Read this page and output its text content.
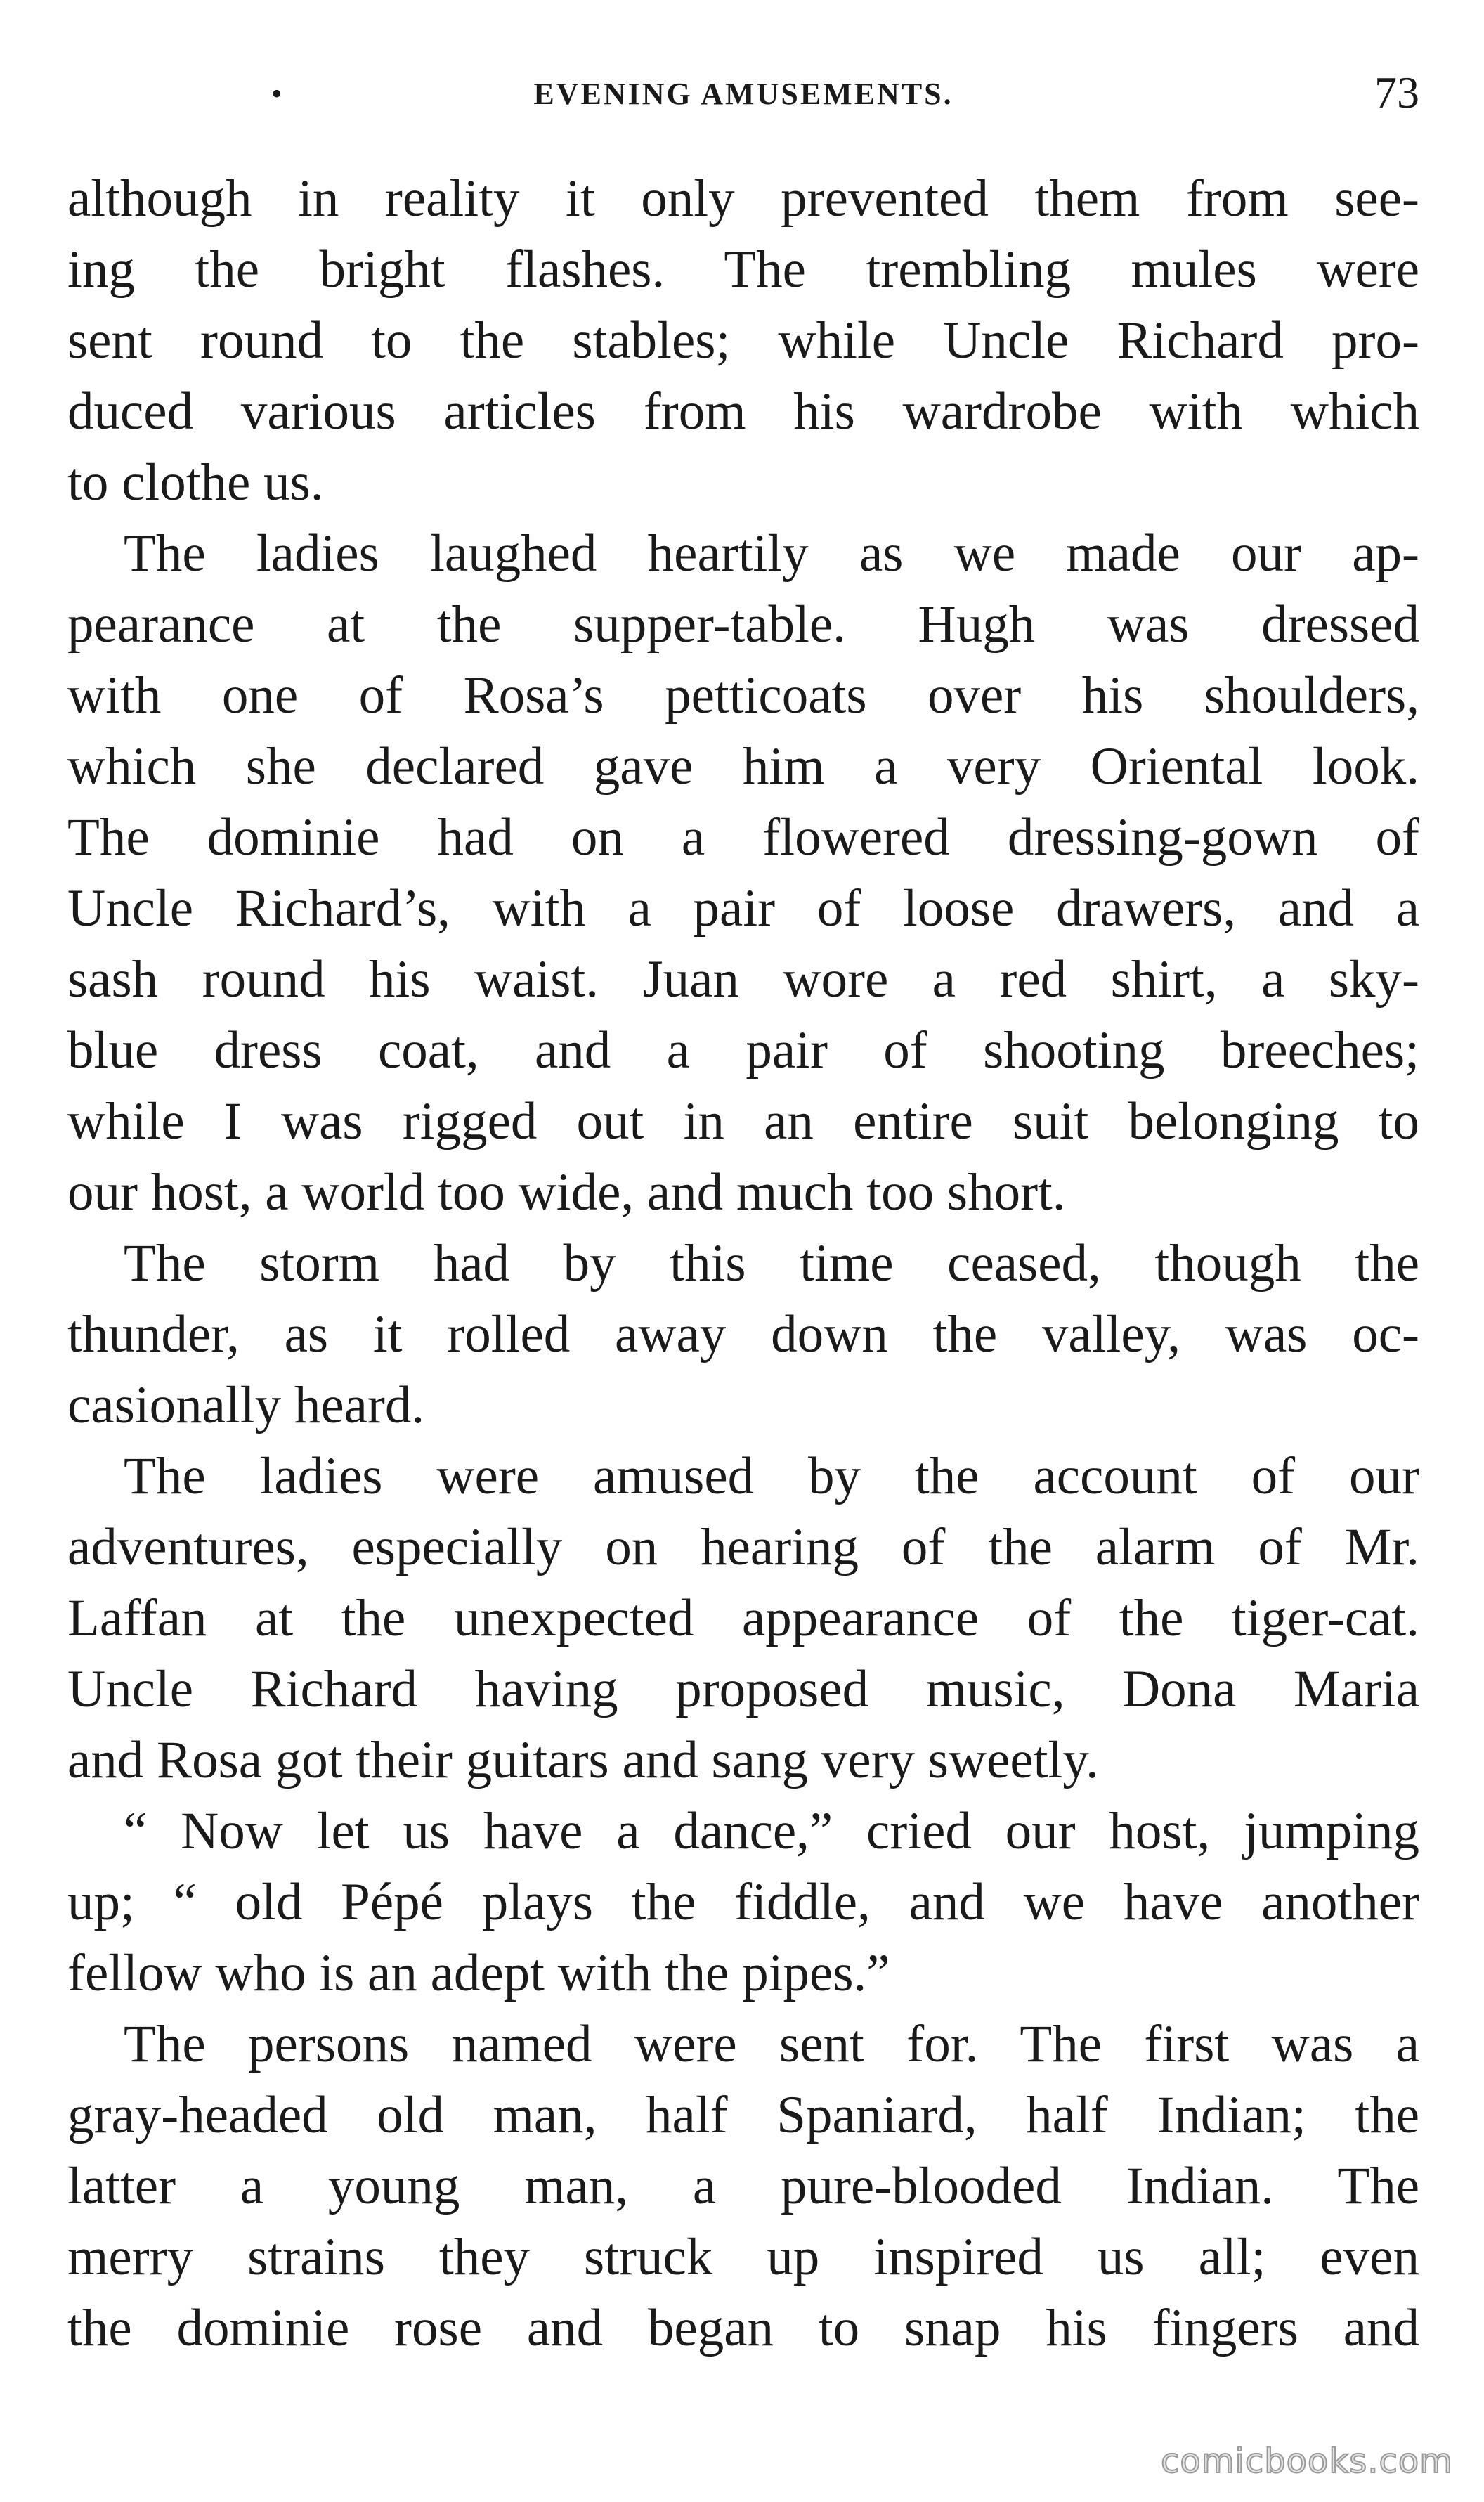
•	EVENING AMUSEMENTS.	73
although in reality it only prevented them from see-
ing the bright flashes. The trembling mules were
sent round to the stables; while Uncle Richard pro-
duced various articles from his wardrobe with which
to clothe us.
The ladies laughed heartily as we made our ap-
pearance at the supper-table. Hugh was dressed
with one of Rosa’s petticoats over his shoulders,
which she declared gave him a very Oriental look.
The dominie had on a flowered dressing-gown of
Uncle Richard’s, with a pair of loose drawers, and a
sash round his waist. Juan wore a red shirt, a sky-
blue dress coat, and a pair of shooting breeches;
while I was rigged out in an entire suit belonging to
our host, a world too wide, and much too short.
The storm had by this time ceased, though the
thunder, as it rolled away down the valley, was oc-
casionally heard.
The ladies were amused by the account of our
adventures, especially on hearing of the alarm of Mr.
Laffan at the unexpected appearance of the tiger-cat.
Uncle Richard having proposed music, Dona Maria
and Rosa got their guitars and sang very sweetly.
“ Now let us have a dance,” cried our host, jumping
up; “ old Pépé plays the fiddle, and we have another
fellow who is an adept with the pipes.”
The persons named were sent for. The first was a
gray-headed old man, half Spaniard, half Indian; the
latter a young man, a pure-blooded Indian. The
merry strains they struck up inspired us all; even
the dominie rose and began to snap his fingers and
comicbooks.com
